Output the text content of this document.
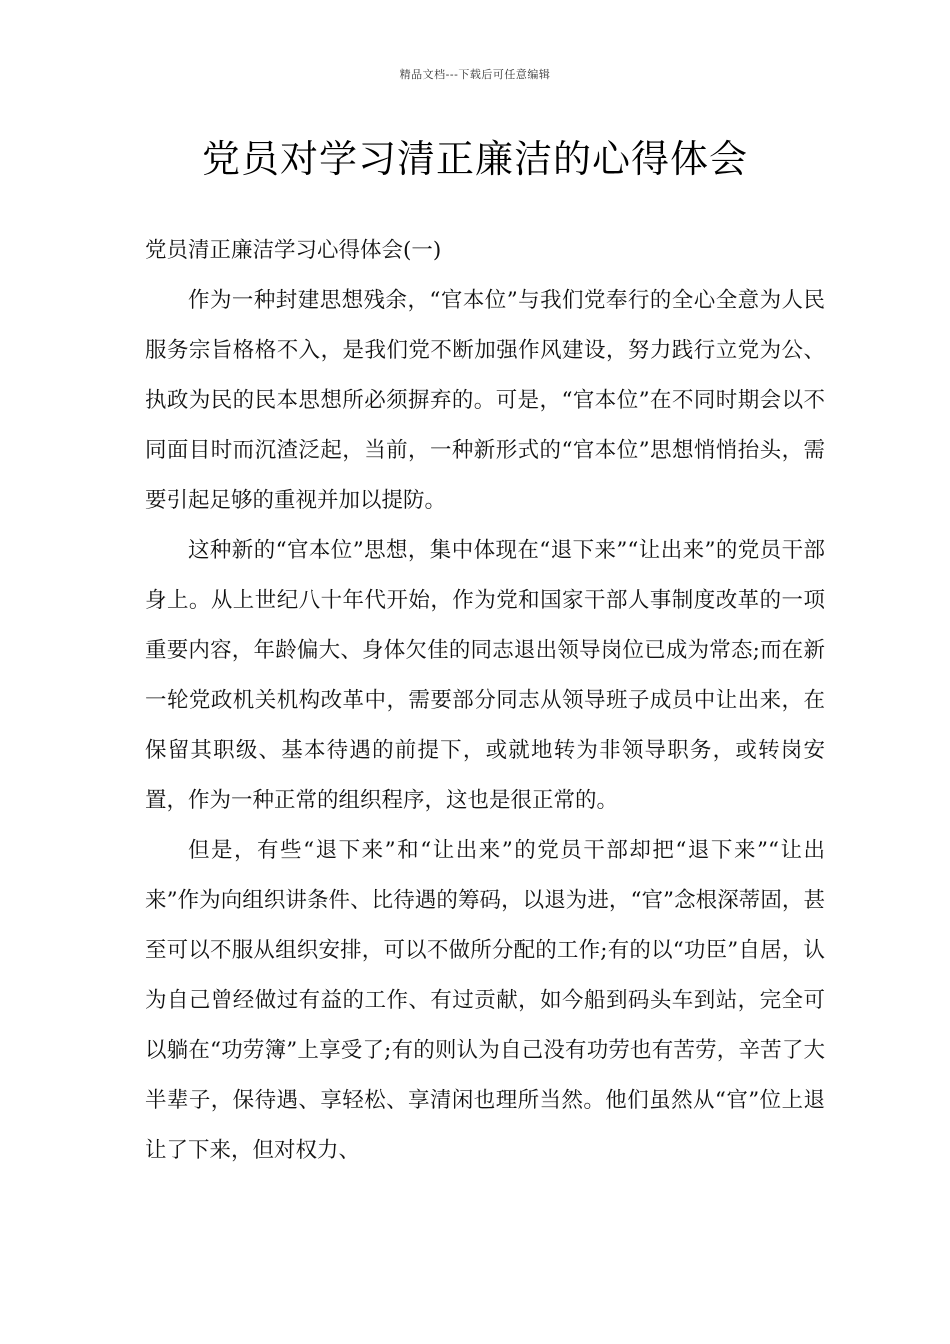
精品文档---下载后可任意编辑
党员对学习清正廉洁的心得体会

党员清正廉洁学习心得体会(一)

作为一种封建思想残余，“官本位”与我们党奉行的全心全意为人民服务宗旨格格不入，是我们党不断加强作风建设，努力践行立党为公、执政为民的民本思想所必须摒弃的。可是，“官本位”在不同时期会以不同面目时而沉渣泛起，当前，一种新形式的“官本位”思想悄悄抬头，需要引起足够的重视并加以提防。

这种新的“官本位”思想，集中体现在“退下来”“让出来”的党员干部身上。从上世纪八十年代开始，作为党和国家干部人事制度改革的一项重要内容，年龄偏大、身体欠佳的同志退出领导岗位已成为常态;而在新一轮党政机关机构改革中，需要部分同志从领导班子成员中让出来，在保留其职级、基本待遇的前提下，或就地转为非领导职务，或转岗安置，作为一种正常的组织程序，这也是很正常的。

但是，有些“退下来”和“让出来”的党员干部却把“退下来”“让出来”作为向组织讲条件、比待遇的筹码，以退为进，“官”念根深蒂固，甚至可以不服从组织安排，可以不做所分配的工作;有的以“功臣”自居，认为自己曾经做过有益的工作、有过贡献，如今船到码头车到站，完全可以躺在“功劳簿”上享受了;有的则认为自己没有功劳也有苦劳，辛苦了大半辈子，保待遇、享轻松、享清闲也理所当然。他们虽然从“官”位上退让了下来，但对权力、
